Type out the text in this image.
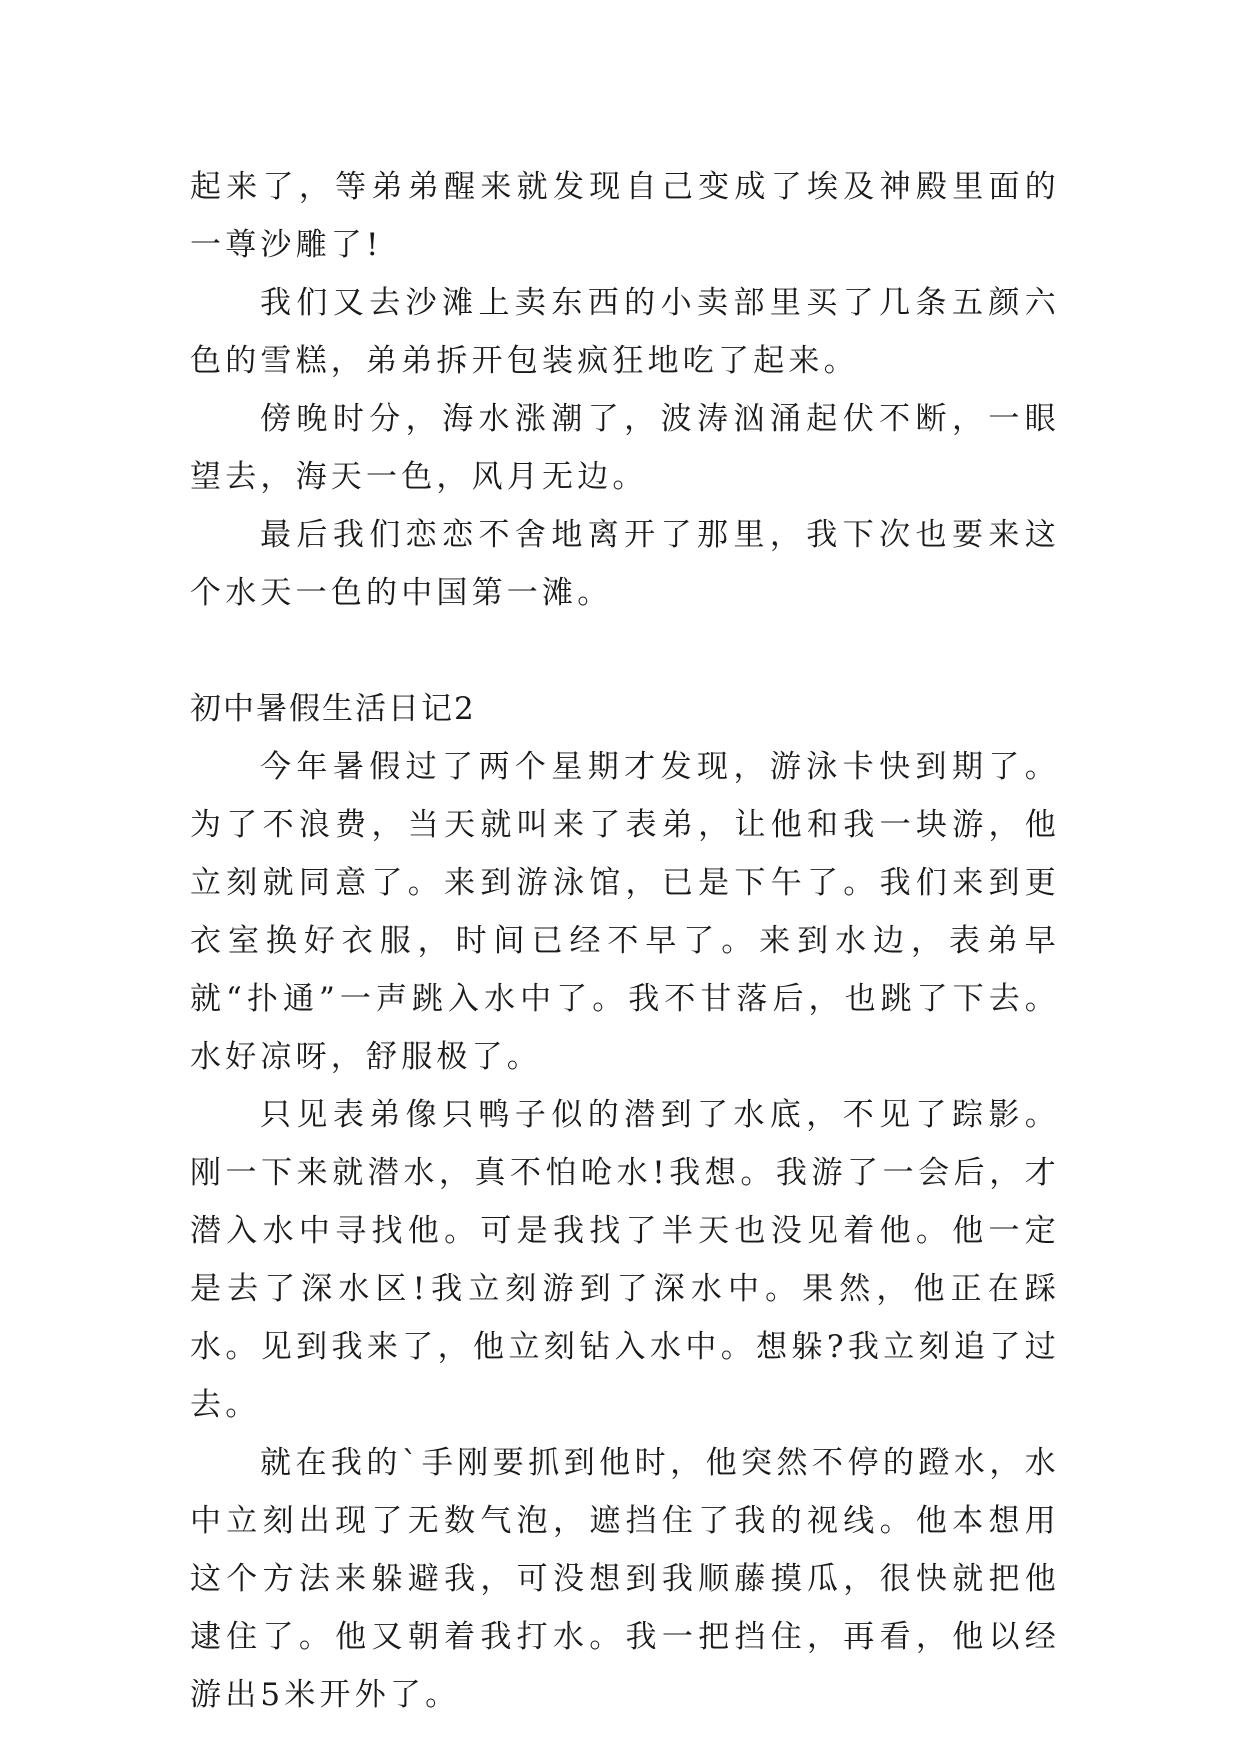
起来了，等弟弟醒来就发现自己变成了埃及神殿里面的一尊沙雕了!

我们又去沙滩上卖东西的小卖部里买了几条五颜六色的雪糕，弟弟拆开包装疯狂地吃了起来。

傍晚时分，海水涨潮了，波涛汹涌起伏不断，一眼望去，海天一色，风月无边。

最后我们恋恋不舍地离开了那里，我下次也要来这个水天一色的中国第一滩。

初中暑假生活日记2

今年暑假过了两个星期才发现，游泳卡快到期了。为了不浪费，当天就叫来了表弟，让他和我一块游，他立刻就同意了。来到游泳馆，已是下午了。我们来到更衣室换好衣服，时间已经不早了。来到水边，表弟早就“扑通”一声跳入水中了。我不甘落后，也跳了下去。水好凉呀，舒服极了。

只见表弟像只鸭子似的潜到了水底，不见了踪影。刚一下来就潜水，真不怕呛水!我想。我游了一会后，才潜入水中寻找他。可是我找了半天也没见着他。他一定是去了深水区!我立刻游到了深水中。果然，他正在踩水。见到我来了，他立刻钻入水中。想躲?我立刻追了过去。

就在我的`手刚要抓到他时，他突然不停的蹬水，水中立刻出现了无数气泡，遮挡住了我的视线。他本想用这个方法来躲避我，可没想到我顺藤摸瓜，很快就把他逮住了。他又朝着我打水。我一把挡住，再看，他以经游出5米开外了。
